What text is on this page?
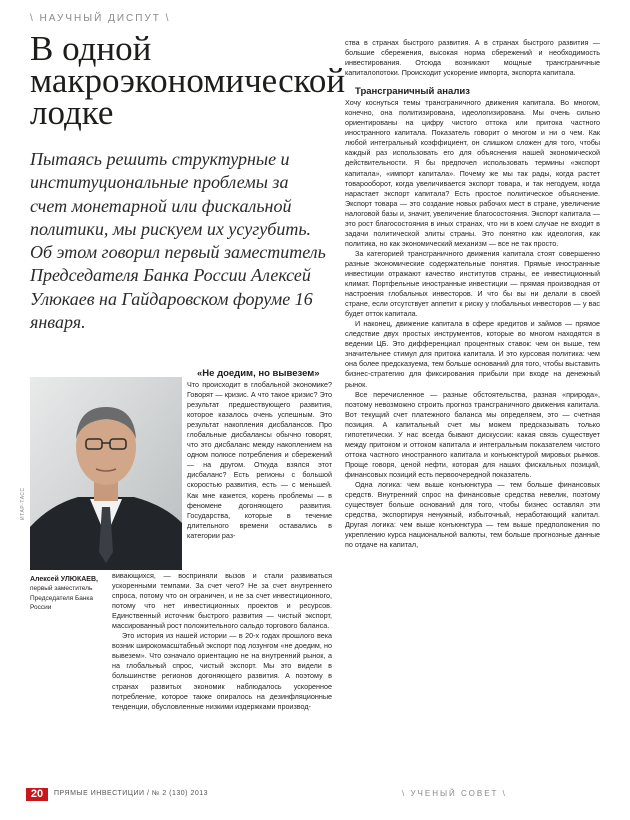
\ НАУЧНЫЙ ДИСПУТ \
В одной макроэкономической лодке

Пытаясь решить структурные и институциональные проблемы за счет монетарной или фискальной политики, мы рискуем их усугубить. Об этом говорил первый заместитель Председателя Банка России Алексей Улюкаев на Гайдаровском форуме 16 января.

ИТАР-ТАСС
Алексей УЛЮКАЕВ,
первый заместитель Председателя Банка России

«Не доедим, но вывезем»

Что происходит в глобальной экономике? Говорят — кризис. А что такое кризис? Это результат предшествующего развития, которое казалось очень успешным. Это результат накопления дисбалансов. Про глобальные дисбалансы обычно говорят, что это дисбаланс между накоплением на одном полюсе потребления и сбережений — на другом. Откуда взялся этот дисбаланс? Есть регионы с большой скоростью развития, есть — с меньшей. Как мне кажется, корень проблемы — в феномене догоняющего развития. Государства, которые в течение длительного времени оставались в категории раз-

вивающихся, — восприняли вызов и стали развиваться ускоренными темпами. За счет чего? Не за счет внутреннего спроса, потому что он ограничен, и не за счет инвестиционного, потому что нет инвестиционных проектов и ресурсов. Единственный источник быстрого развития — чистый экспорт, массированный рост положительного сальдо торгового баланса.

Это история из нашей истории — в 20-х годах прошлого века возник широкомасштабный экспорт под лозунгом «не доедим, но вывезем». Что означало ориентацию не на внутренний рынок, а на глобальный спрос, чистый экспорт. Мы это видели в большинстве регионов догоняющего развития. А поэтому в странах развитых экономик наблюдалось ускоренное потребление, которое также опиралось на дезинфляционные тенденции, обусловленные низкими издержками производ-

ства в странах быстрого развития. А в странах быстрого развития — большие сбережения, высокая норма сбережений и необходимость инвестирования. Отсюда возникают мощные трансграничные капиталопотоки. Происходит ускорение импорта, экспорта капитала.

Трансграничный анализ

Хочу коснуться темы трансграничного движения капитала. Во многом, конечно, она политизирована, идеологизирована. Мы очень сильно ориентированы на цифру чистого оттока или притока частного иностранного капитала. Показатель говорит о многом и ни о чем. Как любой интегральный коэффициент, он слишком сложен для того, чтобы каждый раз использовать его для объяснения нашей экономической действительности. Я бы предпочел использовать термины «экспорт капитала», «импорт капитала». Почему же мы так рады, когда растет товарооборот, когда увеличивается экспорт товара, и так негодуем, когда нарастает экспорт капитала? Есть простое политическое объяснение. Экспорт товара — это создание новых рабочих мест в стране, увеличение налоговой базы и, значит, увеличение благосостояния. Экспорт капитала — это рост благосостояния в иных странах, что ни в коем случае не входит в задачи политической элиты страны. Это понятно как идеология, как политика, но как экономический механизм — все не так просто.

За категорией трансграничного движения капитала стоят совершенно разные экономические содержательные понятия. Прямые иностранные инвестиции отражают качество институтов страны, ее инвестиционный климат. Портфельные иностранные инвестиции — прямая производная от настроения глобальных инвесторов. И что бы вы ни делали в своей стране, если отсутствует аппетит к риску у глобальных инвесторов — у вас будет отток капитала.

И наконец, движение капитала в сфере кредитов и займов — прямое следствие двух простых инструментов, которые во многом находятся в ведении ЦБ. Это дифференциал процентных ставок: чем он выше, тем значительнее стимул для притока капитала. И это курсовая политика: чем она более предсказуема, тем больше оснований для того, чтобы выставить бизнес-стратегию для фиксирования прибыли при входе на денежный рынок.

Все перечисленное — разные обстоятельства, разная «природа», поэтому невозможно строить прогноз трансграничного движения капитала. Вот текущий счет платежного баланса мы определяем, это — счетная позиция. А капитальный счет мы можем предсказывать только гипотетически. У нас всегда бывают дискуссии: какая связь существует между притоком и оттоком капитала и интегральным показателем чистого оттока частного иностранного капитала и конъюнктурой мировых рынков. Проще говоря, ценой нефти, которая для наших фискальных позиций, финансовых позиций есть первоочередной показатель.

Одна логика: чем выше конъюнктура — тем больше финансовых средств. Внутренний спрос на финансовые средства невелик, поэтому существует больше оснований для того, чтобы бизнес оставлял эти средства, экспортируя ненужный, избыточный, неработающий капитал. Другая логика: чем выше конъюнктура — тем выше предположения по укреплению курса национальной валюты, тем больше прогнозные данные по отдаче на капитал,

20	ПРЯМЫЕ ИНВЕСТИЦИИ / № 2 (130) 2013	\ УЧЕНЫЙ СОВЕТ \
